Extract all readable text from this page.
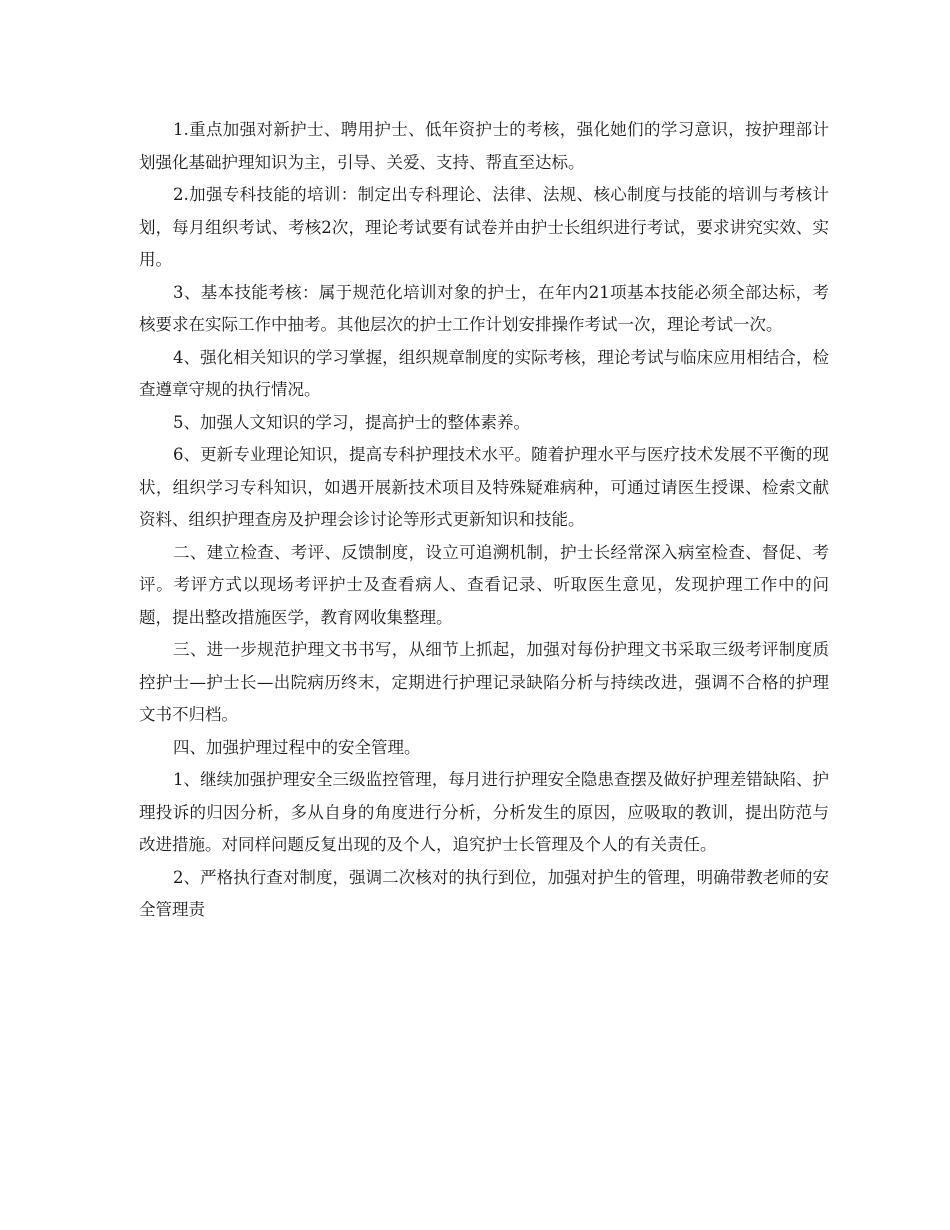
1.重点加强对新护士、聘用护士、低年资护士的考核，强化她们的学习意识，按护理部计划强化基础护理知识为主，引导、关爱、支持、帮直至达标。

2.加强专科技能的培训：制定出专科理论、法律、法规、核心制度与技能的培训与考核计划，每月组织考试、考核2次，理论考试要有试卷并由护士长组织进行考试，要求讲究实效、实用。

3、基本技能考核：属于规范化培训对象的护士，在年内21项基本技能必须全部达标，考核要求在实际工作中抽考。其他层次的护士工作计划安排操作考试一次，理论考试一次。

4、强化相关知识的学习掌握，组织规章制度的实际考核，理论考试与临床应用相结合，检查遵章守规的执行情况。

5、加强人文知识的学习，提高护士的整体素养。

6、更新专业理论知识，提高专科护理技术水平。随着护理水平与医疗技术发展不平衡的现状，组织学习专科知识，如遇开展新技术项目及特殊疑难病种，可通过请医生授课、检索文献资料、组织护理查房及护理会诊讨论等形式更新知识和技能。

二、建立检查、考评、反馈制度，设立可追溯机制，护士长经常深入病室检查、督促、考评。考评方式以现场考评护士及查看病人、查看记录、听取医生意见，发现护理工作中的问题，提出整改措施医学，教育网收集整理。

三、进一步规范护理文书书写，从细节上抓起，加强对每份护理文书采取三级考评制度质控护士—护士长—出院病历终末，定期进行护理记录缺陷分析与持续改进，强调不合格的护理文书不归档。

四、加强护理过程中的安全管理。

1、继续加强护理安全三级监控管理，每月进行护理安全隐患查摆及做好护理差错缺陷、护理投诉的归因分析，多从自身的角度进行分析，分析发生的原因，应吸取的教训，提出防范与改进措施。对同样问题反复出现的及个人，追究护士长管理及个人的有关责任。

2、严格执行查对制度，强调二次核对的执行到位，加强对护生的管理，明确带教老师的安全管理责
